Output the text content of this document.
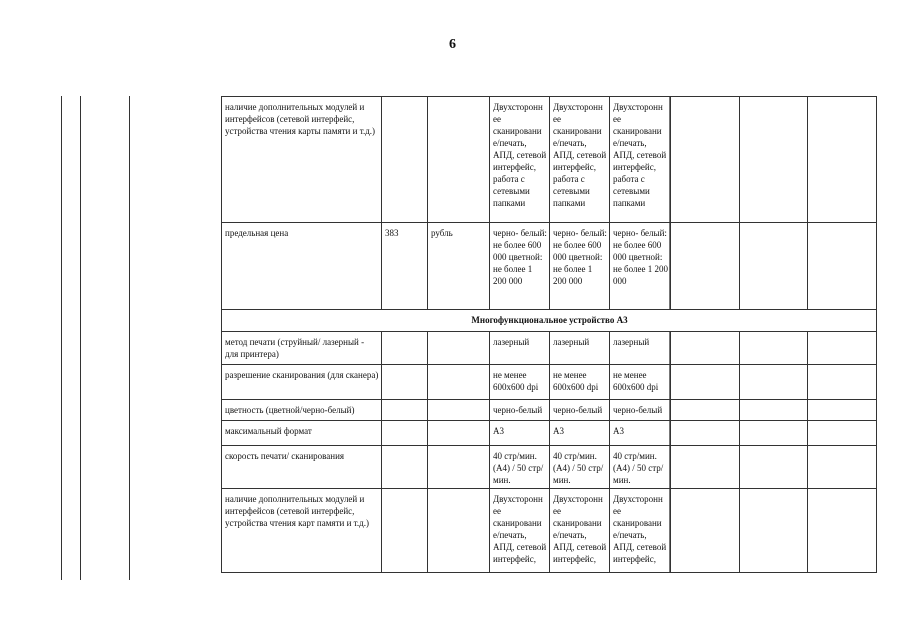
6
наличие дополнительных модулей и интерфейсов (сетевой интерфейс, устройства чтения карты памяти и т.д.)			Двухсторонн ее сканировани е/печать, АПД, сетевой интерфейс, работа с сетевыми папками	Двухсторонн ее сканировани е/печать, АПД, сетевой интерфейс, работа с сетевыми папками	Двухсторонн ее сканировани е/печать, АПД, сетевой интерфейс, работа с сетевыми папками			
предельная цена	383	рубль	черно- белый: не более 600 000 цветной: не более 1 200 000	черно- белый: не более 600 000 цветной: не более 1 200 000	черно- белый: не более 600 000 цветной: не более 1 200 000			
Многофункциональное устройство А3								
метод печати (струйный/ лазерный - для принтера)			лазерный	лазерный	лазерный			
разрешение сканирования (для сканера)			не менее 600x600 dpi	не менее 600x600 dpi	не менее 600x600 dpi			
цветность (цветной/черно-белый)			черно-белый	черно-белый	черно-белый			
максимальный формат			А3	А3	А3			
скорость печати/ сканирования			40 стр/мин. (А4) / 50 стр/мин.	40 стр/мин. (А4) / 50 стр/мин.	40 стр/мин. (А4) / 50 стр/мин.			
наличие дополнительных модулей и интерфейсов (сетевой интерфейс, устройства чтения карт памяти и т.д.)			Двухсторонн ее сканировани е/печать, АПД, сетевой интерфейс,	Двухсторонн ее сканировани е/печать, АПД, сетевой интерфейс,	Двухсторонн ее сканировани е/печать, АПД, сетевой интерфейс,			
